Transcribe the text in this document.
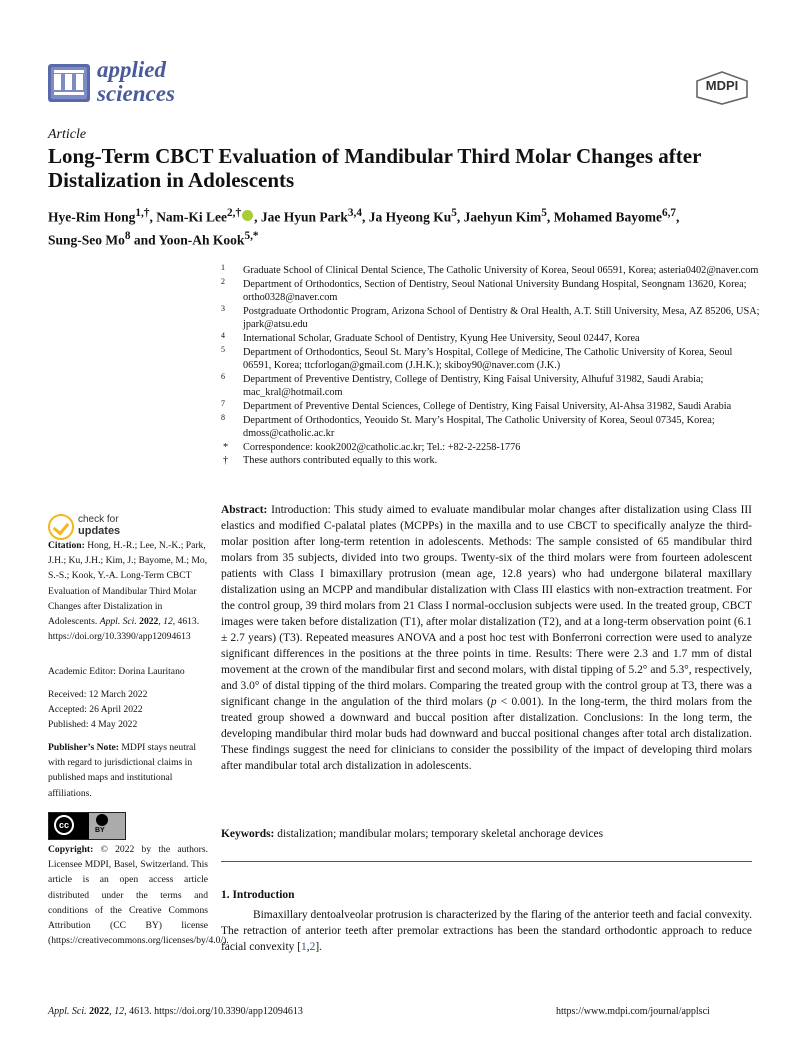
applied
sciences	MDPI
Article
Long-Term CBCT Evaluation of Mandibular Third Molar Changes after Distalization in Adolescents
Hye-Rim Hong$^{1,\dagger}$, Nam-Ki Lee$^{2,\dagger}$ , Jae Hyun Park$^{3,4}$, Ja Hyeong Ku$^5$, Jaehyun Kim$^5$, Mohamed Bayome$^{6,7}$,
Sung-Seo Mo$^8$ and Yoon-Ah Kook$^{5,*}$
1 Graduate School of Clinical Dental Science, The Catholic University of Korea, Seoul 06591, Korea; asteria0402@naver.com
2 Department of Orthodontics, Section of Dentistry, Seoul National University Bundang Hospital, Seongnam 13620, Korea; ortho0328@naver.com
3 Postgraduate Orthodontic Program, Arizona School of Dentistry & Oral Health, A.T. Still University, Mesa, AZ 85206, USA; jpark@atsu.edu
4 International Scholar, Graduate School of Dentistry, Kyung Hee University, Seoul 02447, Korea
5 Department of Orthodontics, Seoul St. Mary’s Hospital, College of Medicine, The Catholic University of Korea, Seoul 06591, Korea; ttcforlogan@gmail.com (J.H.K.); skiboy90@naver.com (J.K.)
6 Department of Preventive Dentistry, College of Dentistry, King Faisal University, Alhufuf 31982, Saudi Arabia; mac_kral@hotmail.com
7 Department of Preventive Dental Sciences, College of Dentistry, King Faisal University, Al-Ahsa 31982, Saudi Arabia
8 Department of Orthodontics, Yeouido St. Mary’s Hospital, The Catholic University of Korea, Seoul 07345, Korea; dmoss@catholic.ac.kr
* Correspondence: kook2002@catholic.ac.kr; Tel.: +82-2-2258-1776
† These authors contributed equally to this work.
check for
updates
Citation: Hong, H.-R.; Lee, N.-K.; Park, J.H.; Ku, J.H.; Kim, J.; Bayome, M.; Mo, S.-S.; Kook, Y.-A. Long-Term CBCT Evaluation of Mandibular Third Molar Changes after Distalization in Adolescents. Appl. Sci. 2022, 12, 4613. https://doi.org/10.3390/app12094613
Academic Editor: Dorina Lauritano
Received: 12 March 2022
Accepted: 26 April 2022
Published: 4 May 2022
Publisher’s Note: MDPI stays neutral with regard to jurisdictional claims in published maps and institutional affiliations.
cc
BY
Copyright: © 2022 by the authors. Licensee MDPI, Basel, Switzerland. This article is an open access article distributed under the terms and conditions of the Creative Commons Attribution (CC BY) license (https://creativecommons.org/licenses/by/4.0/).
Abstract: Introduction: This study aimed to evaluate mandibular molar changes after distalization using Class III elastics and modified C-palatal plates (MCPPs) in the maxilla and to use CBCT to specifically analyze the third-molar position after long-term retention in adolescents. Methods: The sample consisted of 65 mandibular third molars from 35 subjects, divided into two groups. Twenty-six of the third molars were from fourteen adolescent patients with Class I bimaxillary protrusion (mean age, 12.8 years) who had undergone bilateral maxillary distalization using an MCPP and mandibular distalization with Class III elastics with non-extraction treatment. For the control group, 39 third molars from 21 Class I normal-occlusion subjects were used. In the treated group, CBCT images were taken before distalization (T1), after molar distalization (T2), and at a long-term observation point (6.1 ± 2.7 years) (T3). Repeated measures ANOVA and a post hoc test with Bonferroni correction were used to analyze significant differences in the positions at the three points in time. Results: There were 2.3 and 1.7 mm of distal movement at the crown of the mandibular first and second molars, with distal tipping of 5.2° and 5.3°, respectively, and 3.0° of distal tipping of the third molars. Comparing the treated group with the control group at T3, there was a significant change in the angulation of the third molars (p < 0.001). In the long-term, the third molars from the treated group showed a downward and buccal position after distalization. Conclusions: In the long term, the developing mandibular third molar buds had downward and buccal positional changes after total arch distalization. These findings suggest the need for clinicians to consider the possibility of the impact of developing third molars after mandibular total arch distalization in adolescents.
Keywords: distalization; mandibular molars; temporary skeletal anchorage devices
1. Introduction
Bimaxillary dentoalveolar protrusion is characterized by the flaring of the anterior teeth and facial convexity. The retraction of anterior teeth after premolar extractions has been the standard orthodontic approach to reduce facial convexity [1,2].
Appl. Sci. 2022, 12, 4613. https://doi.org/10.3390/app12094613	https://www.mdpi.com/journal/applsci
